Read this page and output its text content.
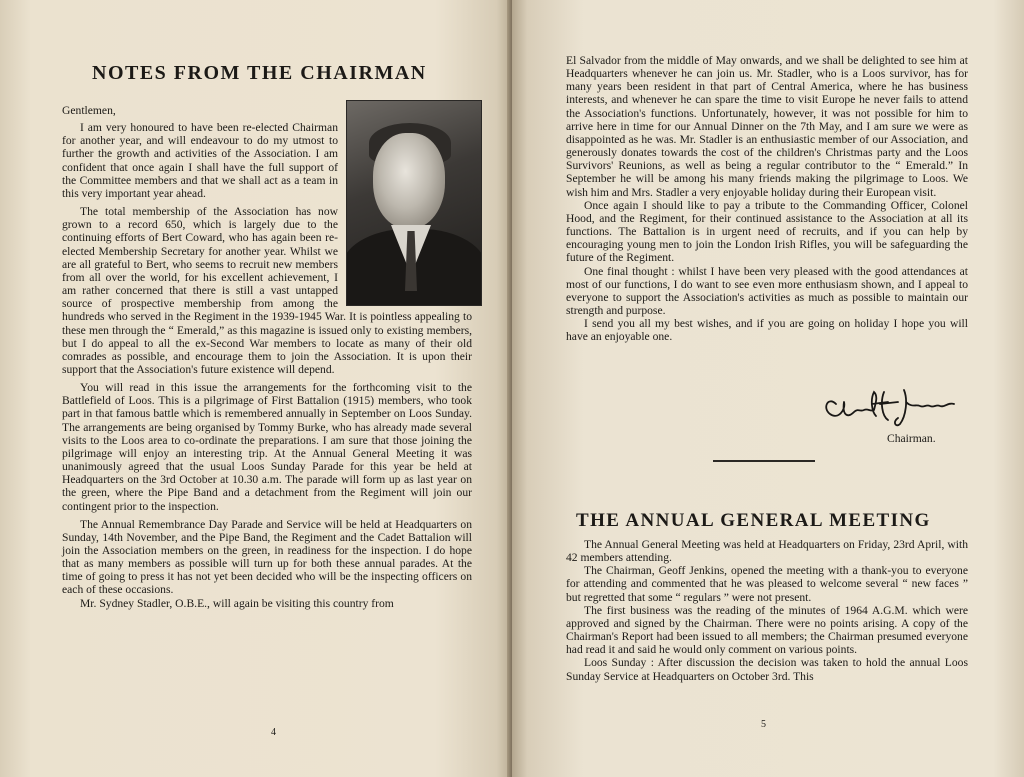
NOTES FROM THE CHAIRMAN

Gentlemen,

I am very honoured to have been re-elected Chairman for another year, and will endeavour to do my utmost to further the growth and activities of the Association. I am confident that once again I shall have the full support of the Committee members and that we shall act as a team in this very important year ahead.

The total membership of the Association has now grown to a record 650, which is largely due to the continuing efforts of Bert Coward, who has again been re-elected Membership Secretary for another year. Whilst we are all grateful to Bert, who seems to recruit new members from all over the world, for his excellent achievement, I am rather concerned that there is still a vast untapped source of prospective membership from among the hundreds who served in the Regiment in the 1939-1945 War. It is pointless appealing to these men through the “ Emerald,” as this magazine is issued only to existing members, but I do appeal to all the ex-Second War members to locate as many of their old comrades as possible, and encourage them to join the Association. It is upon their support that the Association's future existence will depend.

You will read in this issue the arrangements for the forthcoming visit to the Battlefield of Loos. This is a pilgrimage of First Battalion (1915) members, who took part in that famous battle which is remembered annually in September on Loos Sunday. The arrangements are being organised by Tommy Burke, who has already made several visits to the Loos area to co-ordinate the preparations. I am sure that those joining the pilgrimage will enjoy an interesting trip. At the Annual General Meeting it was unanimously agreed that the usual Loos Sunday Parade for this year be held at Headquarters on the 3rd October at 10.30 a.m. The parade will form up as last year on the green, where the Pipe Band and a detachment from the Regiment will join our contingent prior to the inspection.

The Annual Remembrance Day Parade and Service will be held at Headquarters on Sunday, 14th November, and the Pipe Band, the Regiment and the Cadet Battalion will join the Association members on the green, in readiness for the inspection. I do hope that as many members as possible will turn up for both these annual parades. At the time of going to press it has not yet been decided who will be the inspecting officers on each of these occasions.

Mr. Sydney Stadler, O.B.E., will again be visiting this country from

4

El Salvador from the middle of May onwards, and we shall be delighted to see him at Headquarters whenever he can join us. Mr. Stadler, who is a Loos survivor, has for many years been resident in that part of Central America, where he has business interests, and whenever he can spare the time to visit Europe he never fails to attend the Association's functions. Unfortunately, however, it was not possible for him to arrive here in time for our Annual Dinner on the 7th May, and I am sure we were as disappointed as he was. Mr. Stadler is an enthusiastic member of our Association, and generously donates towards the cost of the children's Christmas party and the Loos Survivors' Reunions, as well as being a regular contributor to the “ Emerald.” In September he will be among his many friends making the pilgrimage to Loos. We wish him and Mrs. Stadler a very enjoyable holiday during their European visit.

Once again I should like to pay a tribute to the Commanding Officer, Colonel Hood, and the Regiment, for their continued assistance to the Association at all its functions. The Battalion is in urgent need of recruits, and if you can help by encouraging young men to join the London Irish Rifles, you will be safeguarding the future of the Regiment.

One final thought : whilst I have been very pleased with the good attendances at most of our functions, I do want to see even more enthusiasm shown, and I appeal to everyone to support the Association's activities as much as possible to maintain our strength and purpose.

I send you all my best wishes, and if you are going on holiday I hope you will have an enjoyable one.

Chairman.
THE ANNUAL GENERAL MEETING

The Annual General Meeting was held at Headquarters on Friday, 23rd April, with 42 members attending.

The Chairman, Geoff Jenkins, opened the meeting with a thank-you to everyone for attending and commented that he was pleased to welcome several “ new faces ” but regretted that some “ regulars ” were not present.

The first business was the reading of the minutes of 1964 A.G.M. which were approved and signed by the Chairman. There were no points arising. A copy of the Chairman's Report had been issued to all members; the Chairman presumed everyone had read it and said he would only comment on various points.

Loos Sunday : After discussion the decision was taken to hold the annual Loos Sunday Service at Headquarters on October 3rd. This

5
